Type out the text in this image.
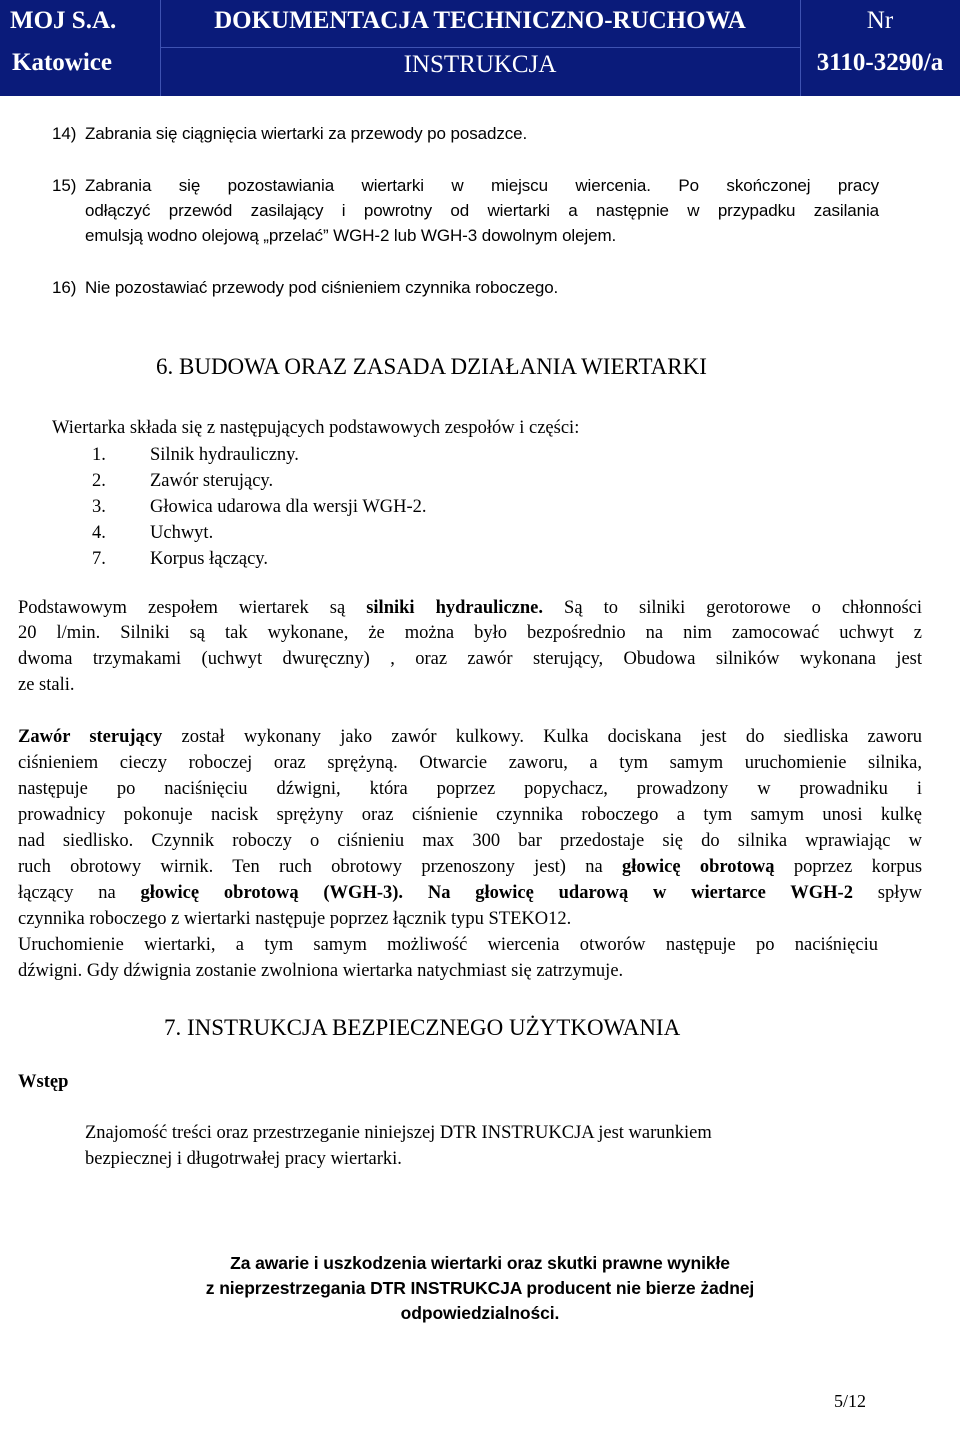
MOJ S.A.
Katowice
DOKUMENTACJA TECHNICZNO-RUCHOWA
INSTRUKCJA
Nr
3110-3290/a
14) Zabrania się ciągnięcia wiertarki za przewody po posadzce.
15) Zabrania się pozostawiania wiertarki w miejscu wiercenia. Po skończonej pracy
odłączyć przewód zasilający i powrotny od wiertarki a następnie w przypadku zasilania
emulsją wodno olejową „przelać” WGH-2 lub WGH-3 dowolnym olejem.
16) Nie pozostawiać przewody pod ciśnieniem czynnika roboczego.
6. BUDOWA ORAZ ZASADA DZIAŁANIA WIERTARKI
Wiertarka składa się z następujących podstawowych zespołów i części:
1. Silnik hydrauliczny.
2. Zawór sterujący.
3. Głowica udarowa dla wersji WGH-2.
4. Uchwyt.
7. Korpus łączący.
Podstawowym zespołem wiertarek są silniki hydrauliczne. Są to silniki gerotorowe o chłonności
20 l/min. Silniki są tak wykonane, że można było bezpośrednio na nim zamocować uchwyt z
dwoma trzymakami (uchwyt dwuręczny) , oraz zawór sterujący, Obudowa silników wykonana jest
ze stali.
Zawór sterujący został wykonany jako zawór kulkowy. Kulka dociskana jest do siedliska zaworu
ciśnieniem cieczy roboczej oraz sprężyną. Otwarcie zaworu, a tym samym uruchomienie silnika,
następuje po naciśnięciu dźwigni, która poprzez popychacz, prowadzony w prowadniku i
prowadnicy pokonuje nacisk sprężyny oraz ciśnienie czynnika roboczego a tym samym unosi kulkę
nad siedlisko. Czynnik roboczy o ciśnieniu max 300 bar przedostaje się do silnika wprawiając w
ruch obrotowy wirnik. Ten ruch obrotowy przenoszony jest) na głowicę obrotową poprzez korpus
łączący na głowicę obrotową (WGH-3). Na głowicę udarową w wiertarce WGH-2 spływ
czynnika roboczego z wiertarki następuje poprzez łącznik typu STEKO12.
Uruchomienie wiertarki, a tym samym możliwość wiercenia otworów następuje po naciśnięciu
dźwigni. Gdy dźwignia zostanie zwolniona wiertarka natychmiast się zatrzymuje.
7. INSTRUKCJA BEZPIECZNEGO UŻYTKOWANIA
Wstęp
Znajomość treści oraz przestrzeganie niniejszej DTR INSTRUKCJA jest warunkiem
bezpiecznej i długotrwałej pracy wiertarki.
Za awarie i uszkodzenia wiertarki oraz skutki prawne wynikłe
z nieprzestrzegania DTR INSTRUKCJA producent nie bierze żadnej
odpowiedzialności.
5/12
